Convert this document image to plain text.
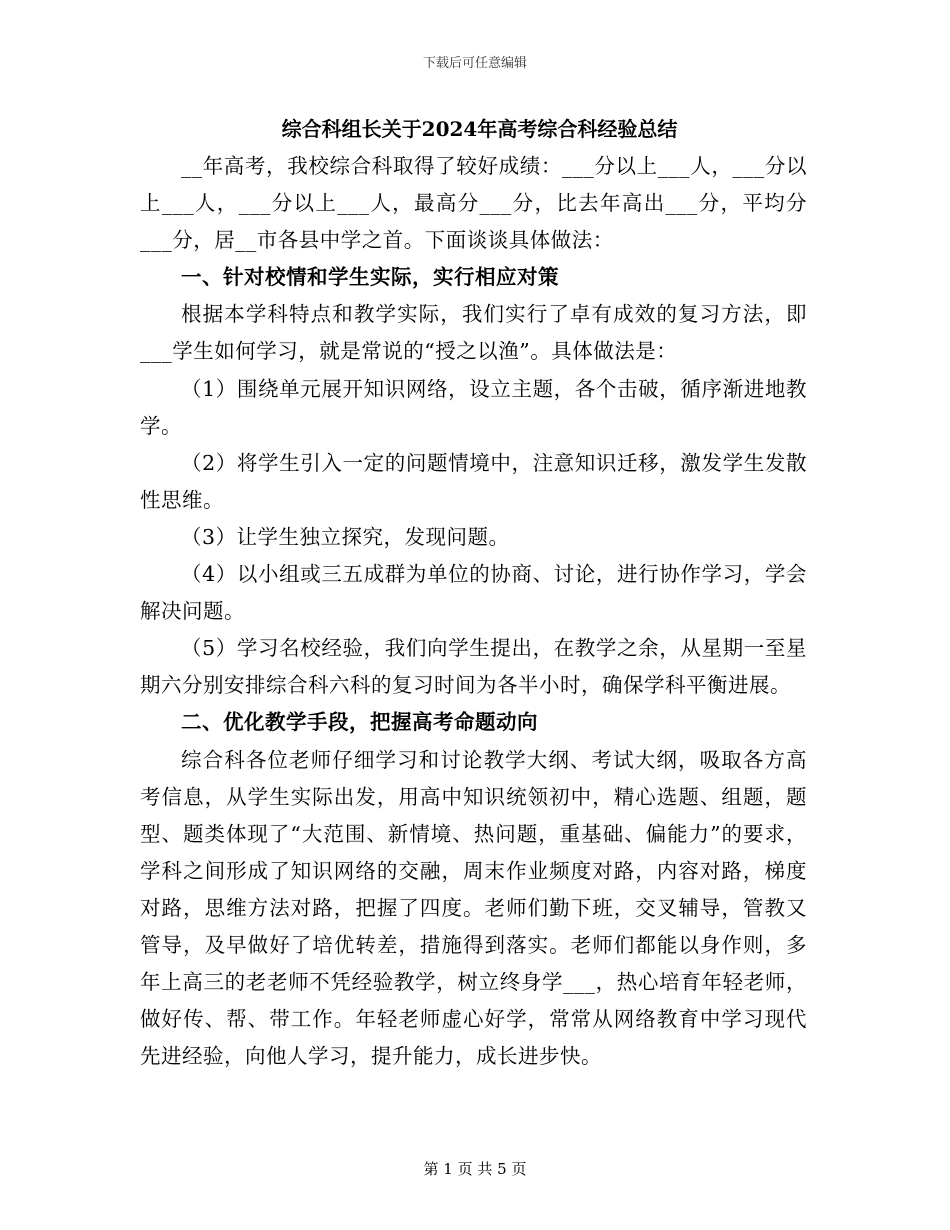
下载后可任意编辑

综合科组长关于2024年高考综合科经验总结

__年高考，我校综合科取得了较好成绩：___分以上___人，___分以上___人，___分以上___人，最高分___分，比去年高出___分，平均分___分，居__市各县中学之首。下面谈谈具体做法：

一、针对校情和学生实际，实行相应对策

根据本学科特点和教学实际，我们实行了卓有成效的复习方法，即___学生如何学习，就是常说的“授之以渔”。具体做法是：

（1）围绕单元展开知识网络，设立主题，各个击破，循序渐进地教学。

（2）将学生引入一定的问题情境中，注意知识迁移，激发学生发散性思维。

（3）让学生独立探究，发现问题。

（4）以小组或三五成群为单位的协商、讨论，进行协作学习，学会解决问题。

（5）学习名校经验，我们向学生提出，在教学之余，从星期一至星期六分别安排综合科六科的复习时间为各半小时，确保学科平衡进展。

二、优化教学手段，把握高考命题动向

综合科各位老师仔细学习和讨论教学大纲、考试大纲，吸取各方高考信息，从学生实际出发，用高中知识统领初中，精心选题、组题，题型、题类体现了“大范围、新情境、热问题，重基础、偏能力”的要求，学科之间形成了知识网络的交融，周末作业频度对路，内容对路，梯度对路，思维方法对路，把握了四度。老师们勤下班，交叉辅导，管教又管导，及早做好了培优转差，措施得到落实。老师们都能以身作则，多年上高三的老老师不凭经验教学，树立终身学___，热心培育年轻老师，做好传、帮、带工作。年轻老师虚心好学，常常从网络教育中学习现代先进经验，向他人学习，提升能力，成长进步快。

第 1 页 共 5 页
